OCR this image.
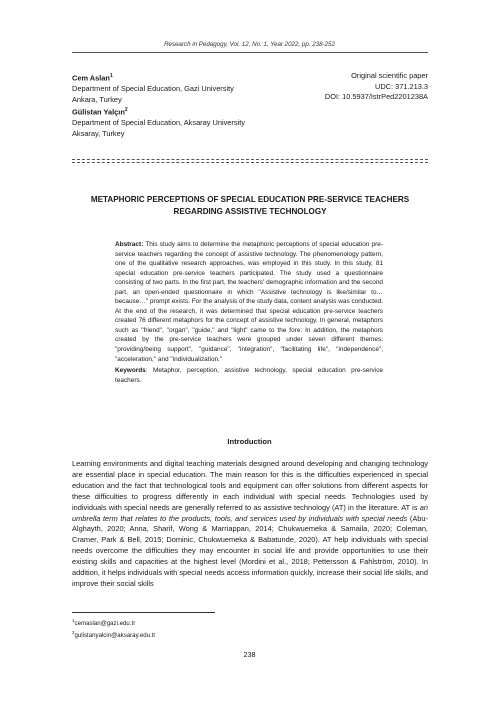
Research in Pedagogy, Vol. 12, No. 1, Year 2022, pp. 238-252
Cem Aslan$^1$
Department of Special Education, Gazi University
Ankara, Turkey
Gülistan Yalçın$^2$
Department of Special Education, Aksaray University
Aksaray, Turkey
Original scientific paper
UDC: 371.213.3
DOI: 10.5937/IstrPed2201238A
METAPHORIC PERCEPTIONS OF SPECIAL EDUCATION PRE-SERVICE TEACHERS
REGARDING ASSISTIVE TECHNOLOGY
Abstract: This study aims to determine the metaphoric perceptions of special education pre-service teachers regarding the concept of assistive technology. The phenomenology pattern, one of the qualitative research approaches, was employed in this study. In this study, 81 special education pre-service teachers participated. The study used a questionnaire consisting of two parts. In the first part, the teachers' demographic information and the second part, an open-ended questionnaire in which "Assistive technology is like/similar to… because…" prompt exists. For the analysis of the study data, content analysis was conducted. At the end of the research, it was determined that special education pre-service teachers created 76 different metaphors for the concept of assistive technology. In general, metaphors such as "friend", "organ", "guide," and "light" came to the fore. In addition, the metaphors created by the pre-service teachers were grouped under seven different themes: "providing/being support", "guidance", "integration", "facilitating life", "independence", "acceleration," and "individualization."
Keywords: Metaphor, perception, assistive technology, special education pre-service teachers.
Introduction
Learning environments and digital teaching materials designed around developing and changing technology are essential place in special education. The main reason for this is the difficulties experienced in special education and the fact that technological tools and equipment can offer solutions from different aspects for these difficulties to progress differently in each individual with special needs. Technologies used by individuals with special needs are generally referred to as assistive technology (AT) in the literature. AT is an umbrella term that relates to the products, tools, and services used by individuals with special needs (Abu-Alghayth, 2020; Anna, Sharif, Wong & Marriappan, 2014; Chukwuemeka & Samaila, 2020; Coleman, Cramer, Park & Bell, 2015; Dominic, Chukwuemeka & Babatunde, 2020). AT help individuals with special needs overcome the difficulties they may encounter in social life and provide opportunities to use their existing skills and capacities at the highest level (Mordini et al., 2018; Pettersson & Fahlström, 2010). In addition, it helps individuals with special needs access information quickly, increase their social life skills, and improve their social skills
$^1$cemaslan@gazi.edu.tr
$^2$gulistanyalcin@aksaray.edu.tr
238
